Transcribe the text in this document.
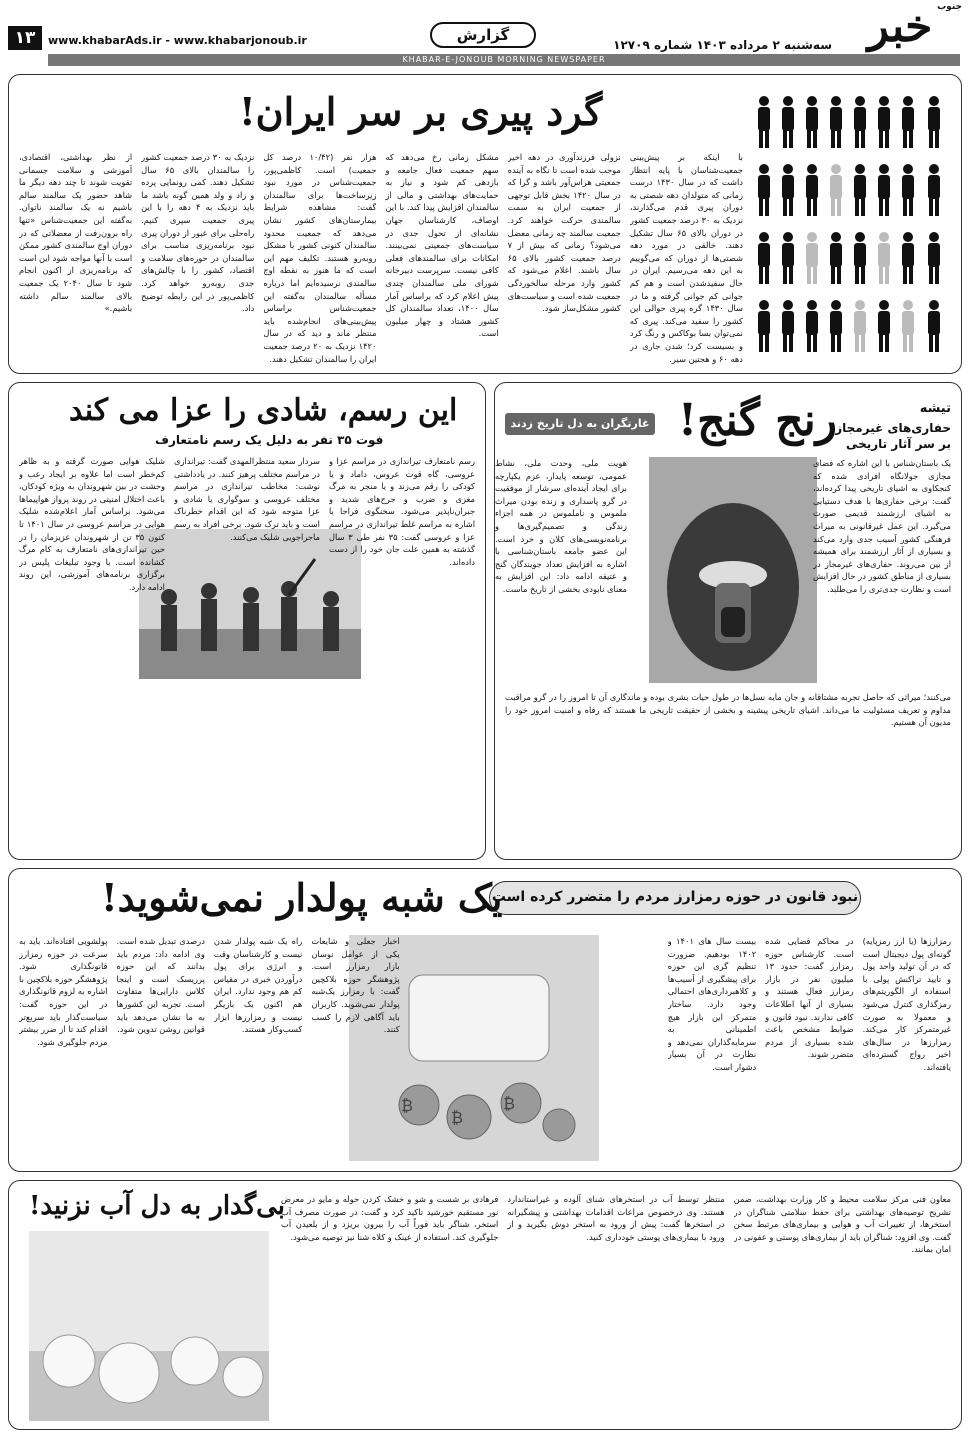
خبر جنوب
سه‌شنبه ۲ مرداده ۱۴۰۳ شماره ۱۲۷۰۹
گزارش
www.khabarAds.ir - www.khabarjonoub.ir
۱۳
KHABAR-E-JONOUB MORNING NEWSPAPER
گرد پیری بر سر ایران!
با اینکه بر پیش‌بینی جمعیت‌شناسان با پایه انتظار داشت که در سال ۱۴۳۰ درست زمانی که متولدان دهه شصتی به دوران پیری قدم می‌گذارند، نزدیک به ۳۰ درصد جمعیت کشور در دوران بالای ۶۵ سال تشکیل دهند. خالقی در مورد دهه شصتی‌ها از دوران که می‌گوییم به این دهه می‌رسیم. ایران در حال سفیدشدن است و هم کم جوانی کم جوانی گرفته و ما در سال ۱۴۳۰ گره پیری حوالی این کشور را سفید می‌کند. پیری که نمی‌توان بسا بوکاکس و رنگ کرد و بسیست کرد؛ شدن جاری در دهه ۶۰ و هجتین سیر.
نزولی فرزندآوری در دهه اخیر موجب شده است تا نگاه به آینده جمعیتی هراس‌آور باشد و گرا که در سال ۱۴۲۰ بخش قابل توجهی از جمعیت ایران به سمت سالمندی حرکت خواهند کرد. جمعیت سالمند چه زمانی معضل می‌شود؟ زمانی که بیش از ۷ درصد جمعیت کشور بالای ۶۵ سال باشند. اعلام می‌شود که کشور وارد مرحله سالخوردگی جمعیت شده است و سیاست‌های کشور مشکل‌ساز شود.
مشکل زمانی رخ می‌دهد که سهم جمعیت فعال جامعه و بازدهی کم شود و نیاز به حمایت‌های بهداشتی و مالی از سالمندان افزایش پیدا کند. با این اوصاف، کارشناسان جهان نشانه‌ای از تحول جدی در سیاست‌های جمعیتی نمی‌بینند. امکانات برای سالمندهای فعلی کافی نیست. سرپرست دبیرخانه شورای ملی سالمندان چندی پیش اعلام کرد که براساس آمار سال ۱۴۰۰، تعداد سالمندان کل کشور هشتاد و چهار میلیون است.
هزار نفر (۱۰/۴۲ درصد کل جمعیت) است. کاظمی‌پور، جمعیت‌شناس در مورد نبود زیرساخت‌ها برای سالمندان گفت: مشاهده شرایط بیمارستان‌های کشور نشان می‌دهد که جمعیت محدود سالمندان کنونی کشور با مشکل روبه‌رو هستند. تکلیف مهم این است که ما هنوز به نقطه اوج سالمندی نرسیده‌ایم اما درباره مسأله سالمندان به‌گفته این جمعیت‌شناس براساس پیش‌بینی‌های انجام‌شده باید منتظر ماند و دید که در سال ۱۴۲۰ نزدیک به ۲۰ درصد جمعیت ایران را سالمندان تشکیل دهند.
نزدیک به ۳۰ درصد جمعیت کشور را سالمندان بالای ۶۵ سال تشکیل دهند. کمی رونمایی پرده و زاد و ولد همین گونه باشد ما باید نزدیک به ۴ دهه را با این پیری جمعیت سپری کنیم. راه‌حلی برای عبور از دوران پیری نبود برنامه‌ریزی مناسب برای سالمندان در حوزه‌های سلامت و اقتصاد، کشور را با چالش‌های جدی روبه‌رو خواهد کرد. کاظمی‌پور در این رابطه توضیح داد.
از نظر بهداشتی، اقتصادی، آموزشی و سلامت جسمانی تقویت شوند تا چند دهه دیگر ما شاهد حضور یک سالمند سالم باشیم نه یک سالمند ناتوان. به‌گفته این جمعیت‌شناس «تنها راه برون‌رفت از معضلاتی که در دوران اوج سالمندی کشور ممکن است با آنها مواجه شود این است که برنامه‌ریزی از اکنون انجام شود تا سال ۲۰۴۰ یک جمعیت بالای سالمند سالم داشته باشیم.»
تیشه
حفاری‌های غیرمجاز
بر سر آثار تاریخی
رنج گنج!
غارتگران به دل تاریخ زدند
یک باستان‌شناس با این اشاره که فضای مجازی جولانگاه افرادی شده که کنجکاوی به اشیای تاریخی پیدا کرده‌اند، گفت: برخی حفاری‌ها با هدف دستیابی به اشیای ارزشمند قدیمی صورت می‌گیرد. این عمل غیرقانونی به میراث فرهنگی کشور آسیب جدی وارد می‌کند و بسیاری از آثار ارزشمند برای همیشه از بین می‌روند. حفاری‌های غیرمجاز در بسیاری از مناطق کشور در حال افزایش است و نظارت جدی‌تری را می‌طلبد.
هویت ملی، وحدت ملی، نشاط عمومی، توسعه پایدار، عزم یکپارچه برای ایجاد آینده‌ای سرشار از موفقیت در گرو پاسداری و زنده بودن میراث ملموس و ناملموس در همه اجزاء زندگی و تصمیم‌گیری‌ها و برنامه‌نویسی‌های کلان و خرد است. این عضو جامعه باستان‌شناسی با اشاره به افزایش تعداد جویندگان گنج و عتیقه ادامه داد: این افزایش به معنای نابودی بخشی از تاریخ ماست.
می‌کنند؛ میراثی که حاصل تجربه مشتاقانه و جان مایه نسل‌ها در طول حیات بشری بوده و ماندگاری آن تا امروز را در گرو مراقبت مداوم و تعریف مسئولیت ما می‌داند. اشیای تاریخی پیشینه و بخشی از حقیقت تاریخی ما هستند که رفاه و امنیت امروز خود را مدیون آن هستیم.
این رسم، شادی را عزا می کند
فوت ۳۵ نفر به دلیل یک رسم نامتعارف
رسم نامتعارف تیراندازی در مراسم عزا و عروسی، گاه قوت عروس، داماد و یا کودکی را رقم می‌زند و یا منجر به مرگ مغزی و ضرب و جرح‌های شدید و جبران‌ناپذیر می‌شود. سخنگوی فراجا با اشاره به مراسم غلط تیراندازی در مراسم عزا و عروسی گفت: ۳۵ نفر طی ۳ سال گذشته به همین علت جان خود را از دست داده‌اند.
سردار سعید منتظرالمهدی گفت: تیراندازی در مراسم مختلف پرهیز کنند. در یادداشتی نوشت: مخاطب تیراندازی در مراسم مختلف عروسی و سوگواری یا شادی و عزا متوجه شود که این اقدام خطرناک است و باید ترک شود. برخی افراد به رسم ماجراجویی شلیک می‌کنند.
شلیک هوایی صورت گرفته و به ظاهر کم‌خطر است اما علاوه بر ایجاد رعب و وحشت در بین شهروندان به ویژه کودکان، باعث اختلال امنیتی در روند پرواز هواپیماها می‌شود. براساس آمار اعلام‌شده شلیک هوایی در مراسم عروسی در سال ۱۴۰۱ تا کنون ۳۵ تن از شهروندان عزیزمان را در حین تیراندازی‌های نامتعارف به کام مرگ کشانده است. با وجود تبلیغات پلیس در برگزاری برنامه‌های آموزشی، این روند ادامه دارد.
نبود قانون در حوزه رمزارز مردم را متضرر کرده است
یک شبه پولدار نمی‌شوید!
₿
₿
₿
رمزارزها (یا ارز رمزپایه) گونه‌ای پول دیجیتال است که در آن تولید واحد پول و تایید تراکنش پولی با استفاده از الگوریتم‌های رمزگذاری کنترل می‌شود و معمولا به صورت غیرمتمرکز کار می‌کند. رمزارزها در سال‌های اخیر رواج گسترده‌ای یافته‌اند.
در محاکم قضایی شده است. کارشناس حوزه رمزارز گفت: حدود ۱۳ میلیون نفر در بازار رمزارز فعال هستند و بسیاری از آنها اطلاعات کافی ندارند. نبود قانون و ضوابط مشخص باعث شده بسیاری از مردم متضرر شوند.
بیست سال های ۱۴۰۱ و ۱۴۰۲ بودهیم. ضرورت تنظیم گری این حوزه برای پیشگیری از آسیب‌ها و کلاهبرداری‌های احتمالی وجود دارد. ساختار متمرکز این بازار هیچ اطمینانی به سرمایه‌گذاران نمی‌دهد و نظارت در آن بسیار دشوار است.
اخبار جعلی و شایعات یکی از عوامل نوسان بازار رمزارز است. پژوهشگر حوزه بلاکچین گفت: با رمزارز یک‌شبه پولدار نمی‌شوید. کاربران باید آگاهی لازم را کسب کنند.
راه یک شبه پولدار شدن نیست و کارشناسان وقت و انرژی برای پول درآوردن خبری در مقیاس کم هم وجود ندارد. ایران هم اکنون یک بازیگر نیست و رمزارزها ابزار کسب‌وکار هستند.
درصدی تبدیل شده است. وی ادامه داد: مردم باید بدانند که این حوزه پرریسک است و اینجا کلاس دارایی‌ها متفاوت است. تجربه این کشورها به ما نشان می‌دهد باید قوانین روشن تدوین شود.
پولشویی افتاده‌اند. باید به سرعت در حوزه رمزارز قانونگذاری شود. پژوهشگر حوزه بلاکچین با اشاره به لزوم قانونگذاری در این حوزه گفت: سیاست‌گذار باید سریع‌تر اقدام کند تا از ضرر بیشتر مردم جلوگیری شود.
بی‌گدار به دل آب نزنید!	معاون فنی مرکز سلامت محیط و کار وزارت بهداشت، ضمن تشریح توصیه‌های بهداشتی برای حفظ سلامتی شناگران در استخرها، از تغییرات آب و هوایی و بیماری‌های مرتبط سخن گفت. وی افزود: شناگران باید از بیماری‌های پوستی و عفونی در امان بمانند.
منتظر توسط آب در استخرهای شنای آلوده و غیراستاندارد هستند. وی درخصوص مراعات اقدامات بهداشتی و پیشگیرانه در استخرها گفت: پیش از ورود به استخر دوش بگیرید و از ورود با بیماری‌های پوستی خودداری کنید.
فرهادی بر شست و شو و خشک کردن حوله و مایو در معرض نور مستقیم خورشید تاکید کرد و گفت: در صورت مصرف آب استخر، شناگر باید فوراً آب را بیرون بریزد و از بلعیدن آب جلوگیری کند. استفاده از عینک و کلاه شنا نیز توصیه می‌شود.
